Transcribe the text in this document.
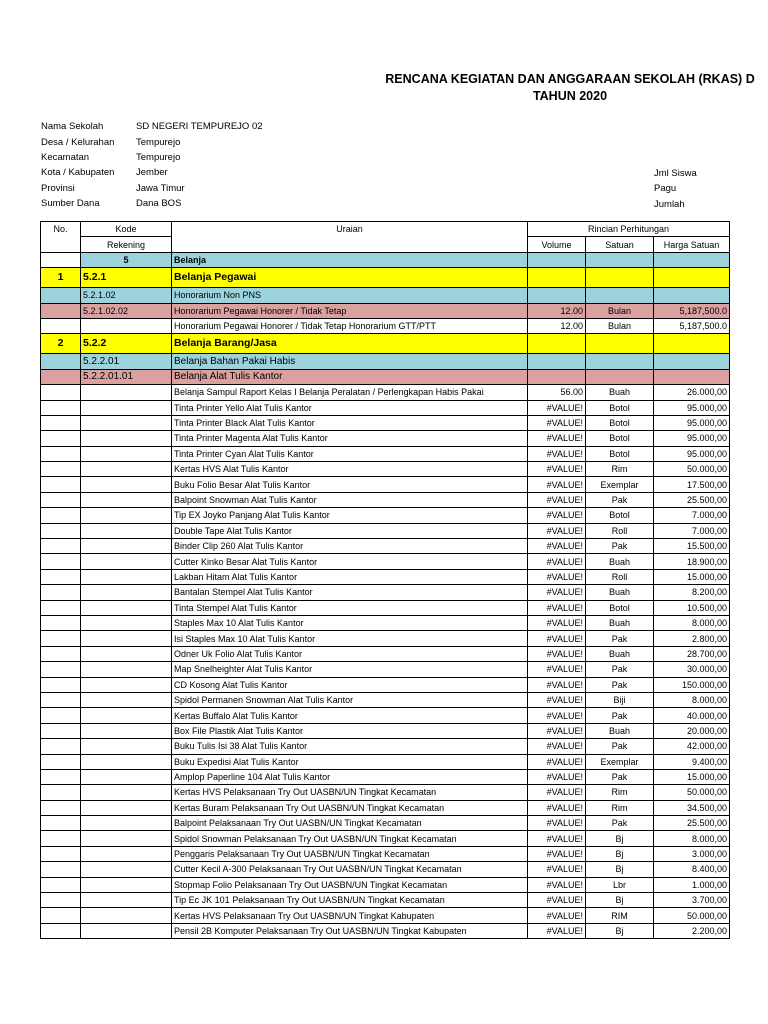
RENCANA KEGIATAN DAN ANGGARAAN SEKOLAH (RKAS) D
TAHUN 2020
Nama Sekolah	SD NEGERI TEMPUREJO 02
Desa / Kelurahan Tempurejo
Kecamatan	Tempurejo
Kota / Kabupaten Jember
Provinsi	Jawa Timur
Sumber Dana	Dana BOS
Jml Siswa
Pagu
Jumlah
No.	Kode	Uraian	Rincian Perhitungan		
	Rekening		Volume	Satuan	Harga Satuan
	5	Belanja			
1	5.2.1	Belanja Pegawai			
	5.2.1.02	Honorarium Non PNS			
	5.2.1.02.02	Honorarium Pegawai Honorer / Tidak Tetap	12.00	Bulan	5,187,500.0
		Honorarium Pegawai Honorer / Tidak Tetap Honorarium GTT/PTT	12.00	Bulan	5,187,500.0
2	5.2.2	Belanja Barang/Jasa			
	5.2.2.01	Belanja Bahan Pakai Habis			
	5.2.2.01.01	Belanja Alat Tulis Kantor			
		Belanja Sampul Raport Kelas I Belanja Peralatan / Perlengkapan Habis Pakai	56.00	Buah	26.000,00
		Tinta Printer Yello Alat Tulis Kantor	#VALUE!	Botol	95.000,00
		Tinta Printer Black Alat Tulis Kantor	#VALUE!	Botol	95.000,00
		Tinta Printer Magenta Alat Tulis Kantor	#VALUE!	Botol	95.000,00
		Tinta Printer Cyan Alat Tulis Kantor	#VALUE!	Botol	95.000,00
		Kertas HVS Alat Tulis Kantor	#VALUE!	Rim	50.000,00
		Buku Folio Besar Alat Tulis Kantor	#VALUE!	Exemplar	17.500,00
		Balpoint Snowman Alat Tulis Kantor	#VALUE!	Pak	25.500,00
		Tip EX Joyko Panjang Alat Tulis Kantor	#VALUE!	Botol	7.000,00
		Double Tape Alat Tulis Kantor	#VALUE!	Roll	7.000,00
		Binder Clip 260 Alat Tulis Kantor	#VALUE!	Pak	15.500,00
		Cutter Kinko Besar Alat Tulis Kantor	#VALUE!	Buah	18.900,00
		Lakban Hitam Alat Tulis Kantor	#VALUE!	Roll	15.000,00
		Bantalan Stempel Alat Tulis Kantor	#VALUE!	Buah	8.200,00
		Tinta Stempel Alat Tulis Kantor	#VALUE!	Botol	10.500,00
		Staples Max 10 Alat Tulis Kantor	#VALUE!	Buah	8.000,00
		Isi Staples Max 10 Alat Tulis Kantor	#VALUE!	Pak	2.800,00
		Odner Uk Folio Alat Tulis Kantor	#VALUE!	Buah	28.700,00
		Map Snelheighter Alat Tulis Kantor	#VALUE!	Pak	30.000,00
		CD Kosong Alat Tulis Kantor	#VALUE!	Pak	150.000,00
		Spidol Permanen Snowman Alat Tulis Kantor	#VALUE!	Biji	8.000,00
		Kertas Buffalo Alat Tulis Kantor	#VALUE!	Pak	40.000,00
		Box File Plastik Alat Tulis Kantor	#VALUE!	Buah	20.000,00
		Buku Tulis Isi 38 Alat Tulis Kantor	#VALUE!	Pak	42.000,00
		Buku Expedisi Alat Tulis Kantor	#VALUE!	Exemplar	9.400,00
		Amplop Paperline 104 Alat Tulis Kantor	#VALUE!	Pak	15.000,00
		Kertas HVS Pelaksanaan Try Out UASBN/UN Tingkat Kecamatan	#VALUE!	Rim	50.000,00
		Kertas Buram Pelaksanaan Try Out UASBN/UN Tingkat Kecamatan	#VALUE!	Rim	34.500,00
		Balpoint Pelaksanaan Try Out UASBN/UN Tingkat Kecamatan	#VALUE!	Pak	25.500,00
		Spidol Snowman Pelaksanaan Try Out UASBN/UN Tingkat Kecamatan	#VALUE!	Bj	8.000,00
		Penggaris Pelaksanaan Try Out UASBN/UN Tingkat Kecamatan	#VALUE!	Bj	3.000,00
		Cutter Kecil A-300 Pelaksanaan Try Out UASBN/UN Tingkat Kecamatan	#VALUE!	Bj	8.400,00
		Stopmap Folio Pelaksanaan Try Out UASBN/UN Tingkat Kecamatan	#VALUE!	Lbr	1.000,00
		Tip Ec JK 101 Pelaksanaan Try Out UASBN/UN Tingkat Kecamatan	#VALUE!	Bj	3.700,00
		Kertas HVS Pelaksanaan Try Out UASBN/UN Tingkat Kabupaten	#VALUE!	RIM	50.000,00
		Pensil 2B Komputer Pelaksanaan Try Out UASBN/UN Tingkat Kabupaten	#VALUE!	Bj	2.200,00
